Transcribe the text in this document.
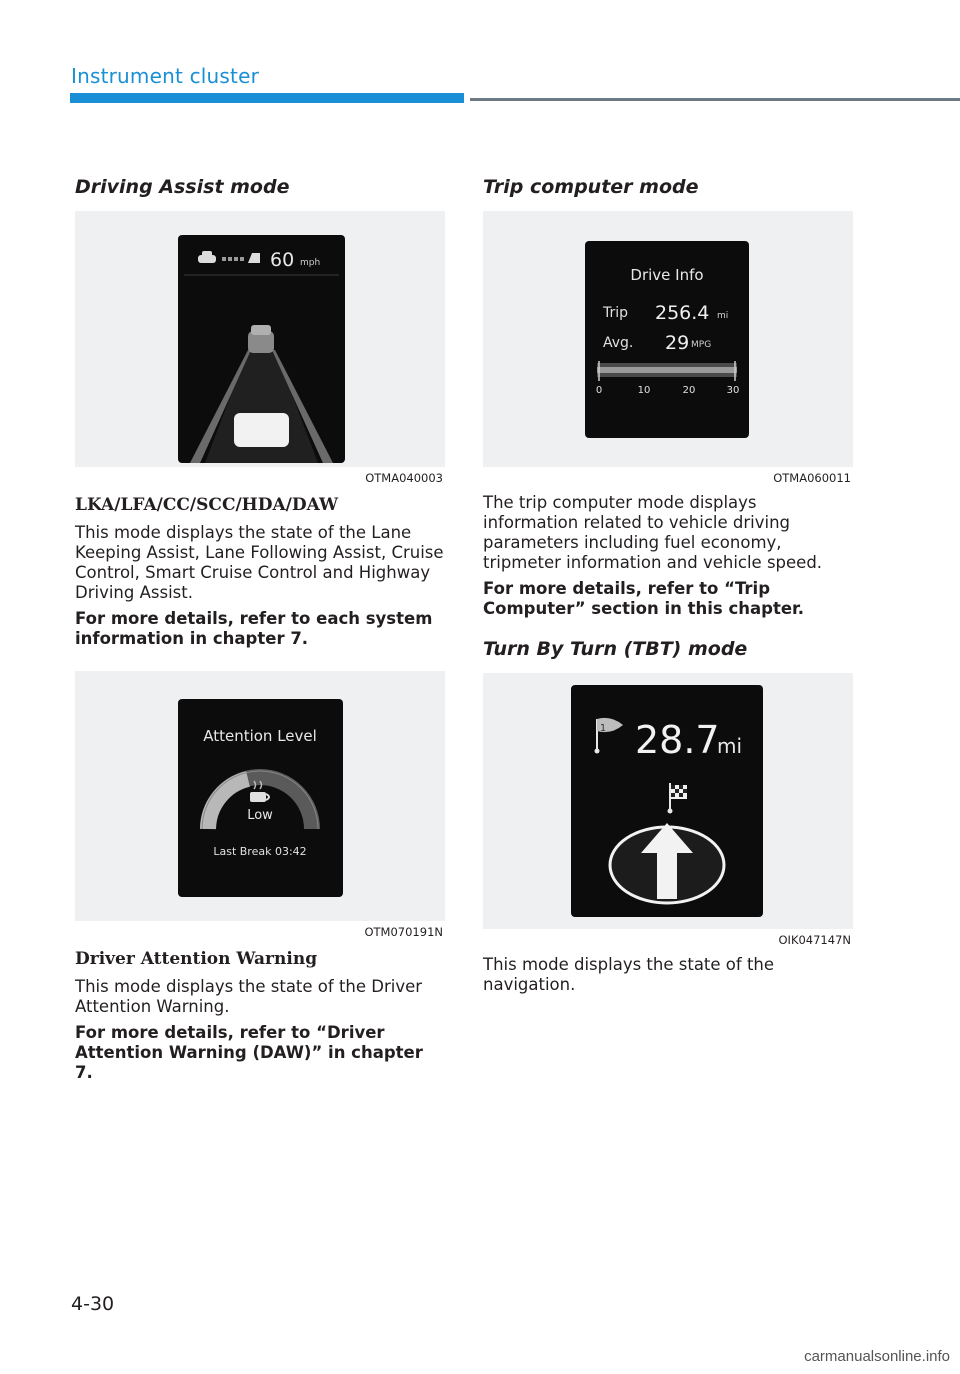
Instrument cluster
Driving Assist mode
60 mph
OTMA040003
LKA/LFA/CC/SCC/HDA/DAW

This mode displays the state of the Lane Keeping Assist, Lane Following Assist, Cruise Control, Smart Cruise Control and Highway Driving Assist.

For more details, refer to each system information in chapter 7.

Attention Level
Low
Last Break 03:42
OTM070191N
Driver Attention Warning

This mode displays the state of the Driver Attention Warning.

For more details, refer to “Driver Attention Warning (DAW)” in chapter 7.

Trip computer mode
Drive Info
Trip 256.4 mi
Avg. 29 MPG
0	10	20	30
OTMA060011

The trip computer mode displays information related to vehicle driving parameters including fuel economy, tripmeter information and vehicle speed.

For more details, refer to “Trip Computer” section in this chapter.

Turn By Turn (TBT) mode
1 28.7
mi
OIK047147N

This mode displays the state of the navigation.

4-30
carmanualsonline.info
